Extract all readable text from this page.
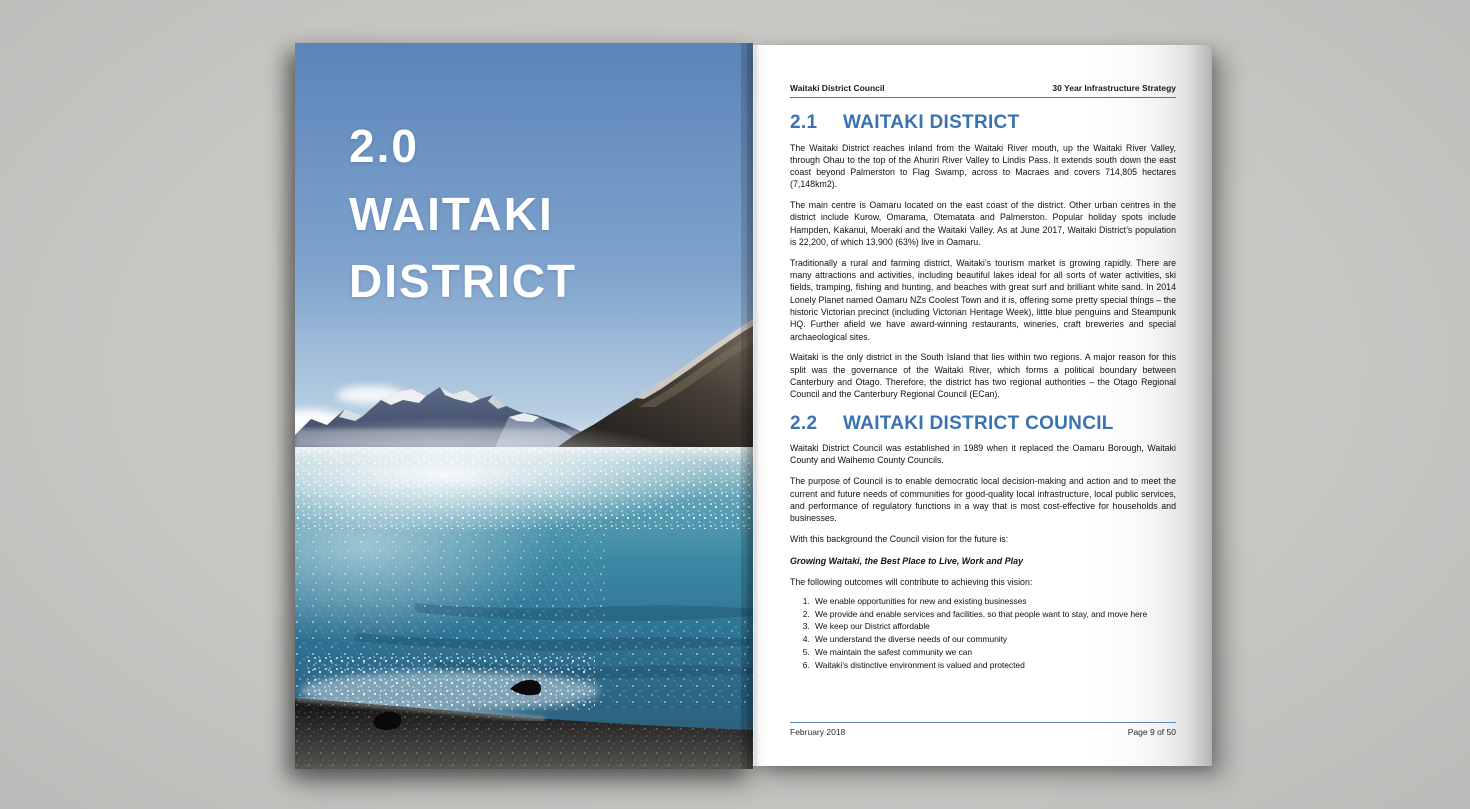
2.0
WAITAKI
DISTRICT
Waitaki District Council	30 Year Infrastructure Strategy
2.1	WAITAKI DISTRICT

The Waitaki District reaches inland from the Waitaki River mouth, up the Waitaki River Valley, through Ohau to the top of the Ahuriri River Valley to Lindis Pass. It extends south down the east coast beyond Palmerston to Flag Swamp, across to Macraes and covers 714,805 hectares (7,148km2).

The main centre is Oamaru located on the east coast of the district. Other urban centres in the district include Kurow, Omarama, Otematata and Palmerston. Popular holiday spots include Hampden, Kakanui, Moeraki and the Waitaki Valley. As at June 2017, Waitaki District’s population is 22,200, of which 13,900 (63%) live in Oamaru.

Traditionally a rural and farming district, Waitaki’s tourism market is growing rapidly. There are many attractions and activities, including beautiful lakes ideal for all sorts of water activities, ski fields, tramping, fishing and hunting, and beaches with great surf and brilliant white sand. In 2014 Lonely Planet named Oamaru NZs Coolest Town and it is, offering some pretty special things – the historic Victorian precinct (including Victorian Heritage Week), little blue penguins and Steampunk HQ. Further afield we have award-winning restaurants, wineries, craft breweries and special archaeological sites.

Waitaki is the only district in the South Island that lies within two regions. A major reason for this split was the governance of the Waitaki River, which forms a political boundary between Canterbury and Otago. Therefore, the district has two regional authorities – the Otago Regional Council and the Canterbury Regional Council (ECan).

2.2	WAITAKI DISTRICT COUNCIL

Waitaki District Council was established in 1989 when it replaced the Oamaru Borough, Waitaki County and Waihemo County Councils.

The purpose of Council is to enable democratic local decision-making and action and to meet the current and future needs of communities for good-quality local infrastructure, local public services, and performance of regulatory functions in a way that is most cost-effective for households and businesses.

With this background the Council vision for the future is:

Growing Waitaki, the Best Place to Live, Work and Play

The following outcomes will contribute to achieving this vision:

1. We enable opportunities for new and existing businesses
2. We provide and enable services and facilities, so that people want to stay, and move here
3. We keep our District affordable
4. We understand the diverse needs of our community
5. We maintain the safest community we can
6. Waitaki’s distinctive environment is valued and protected
February 2018	Page 9 of 50
